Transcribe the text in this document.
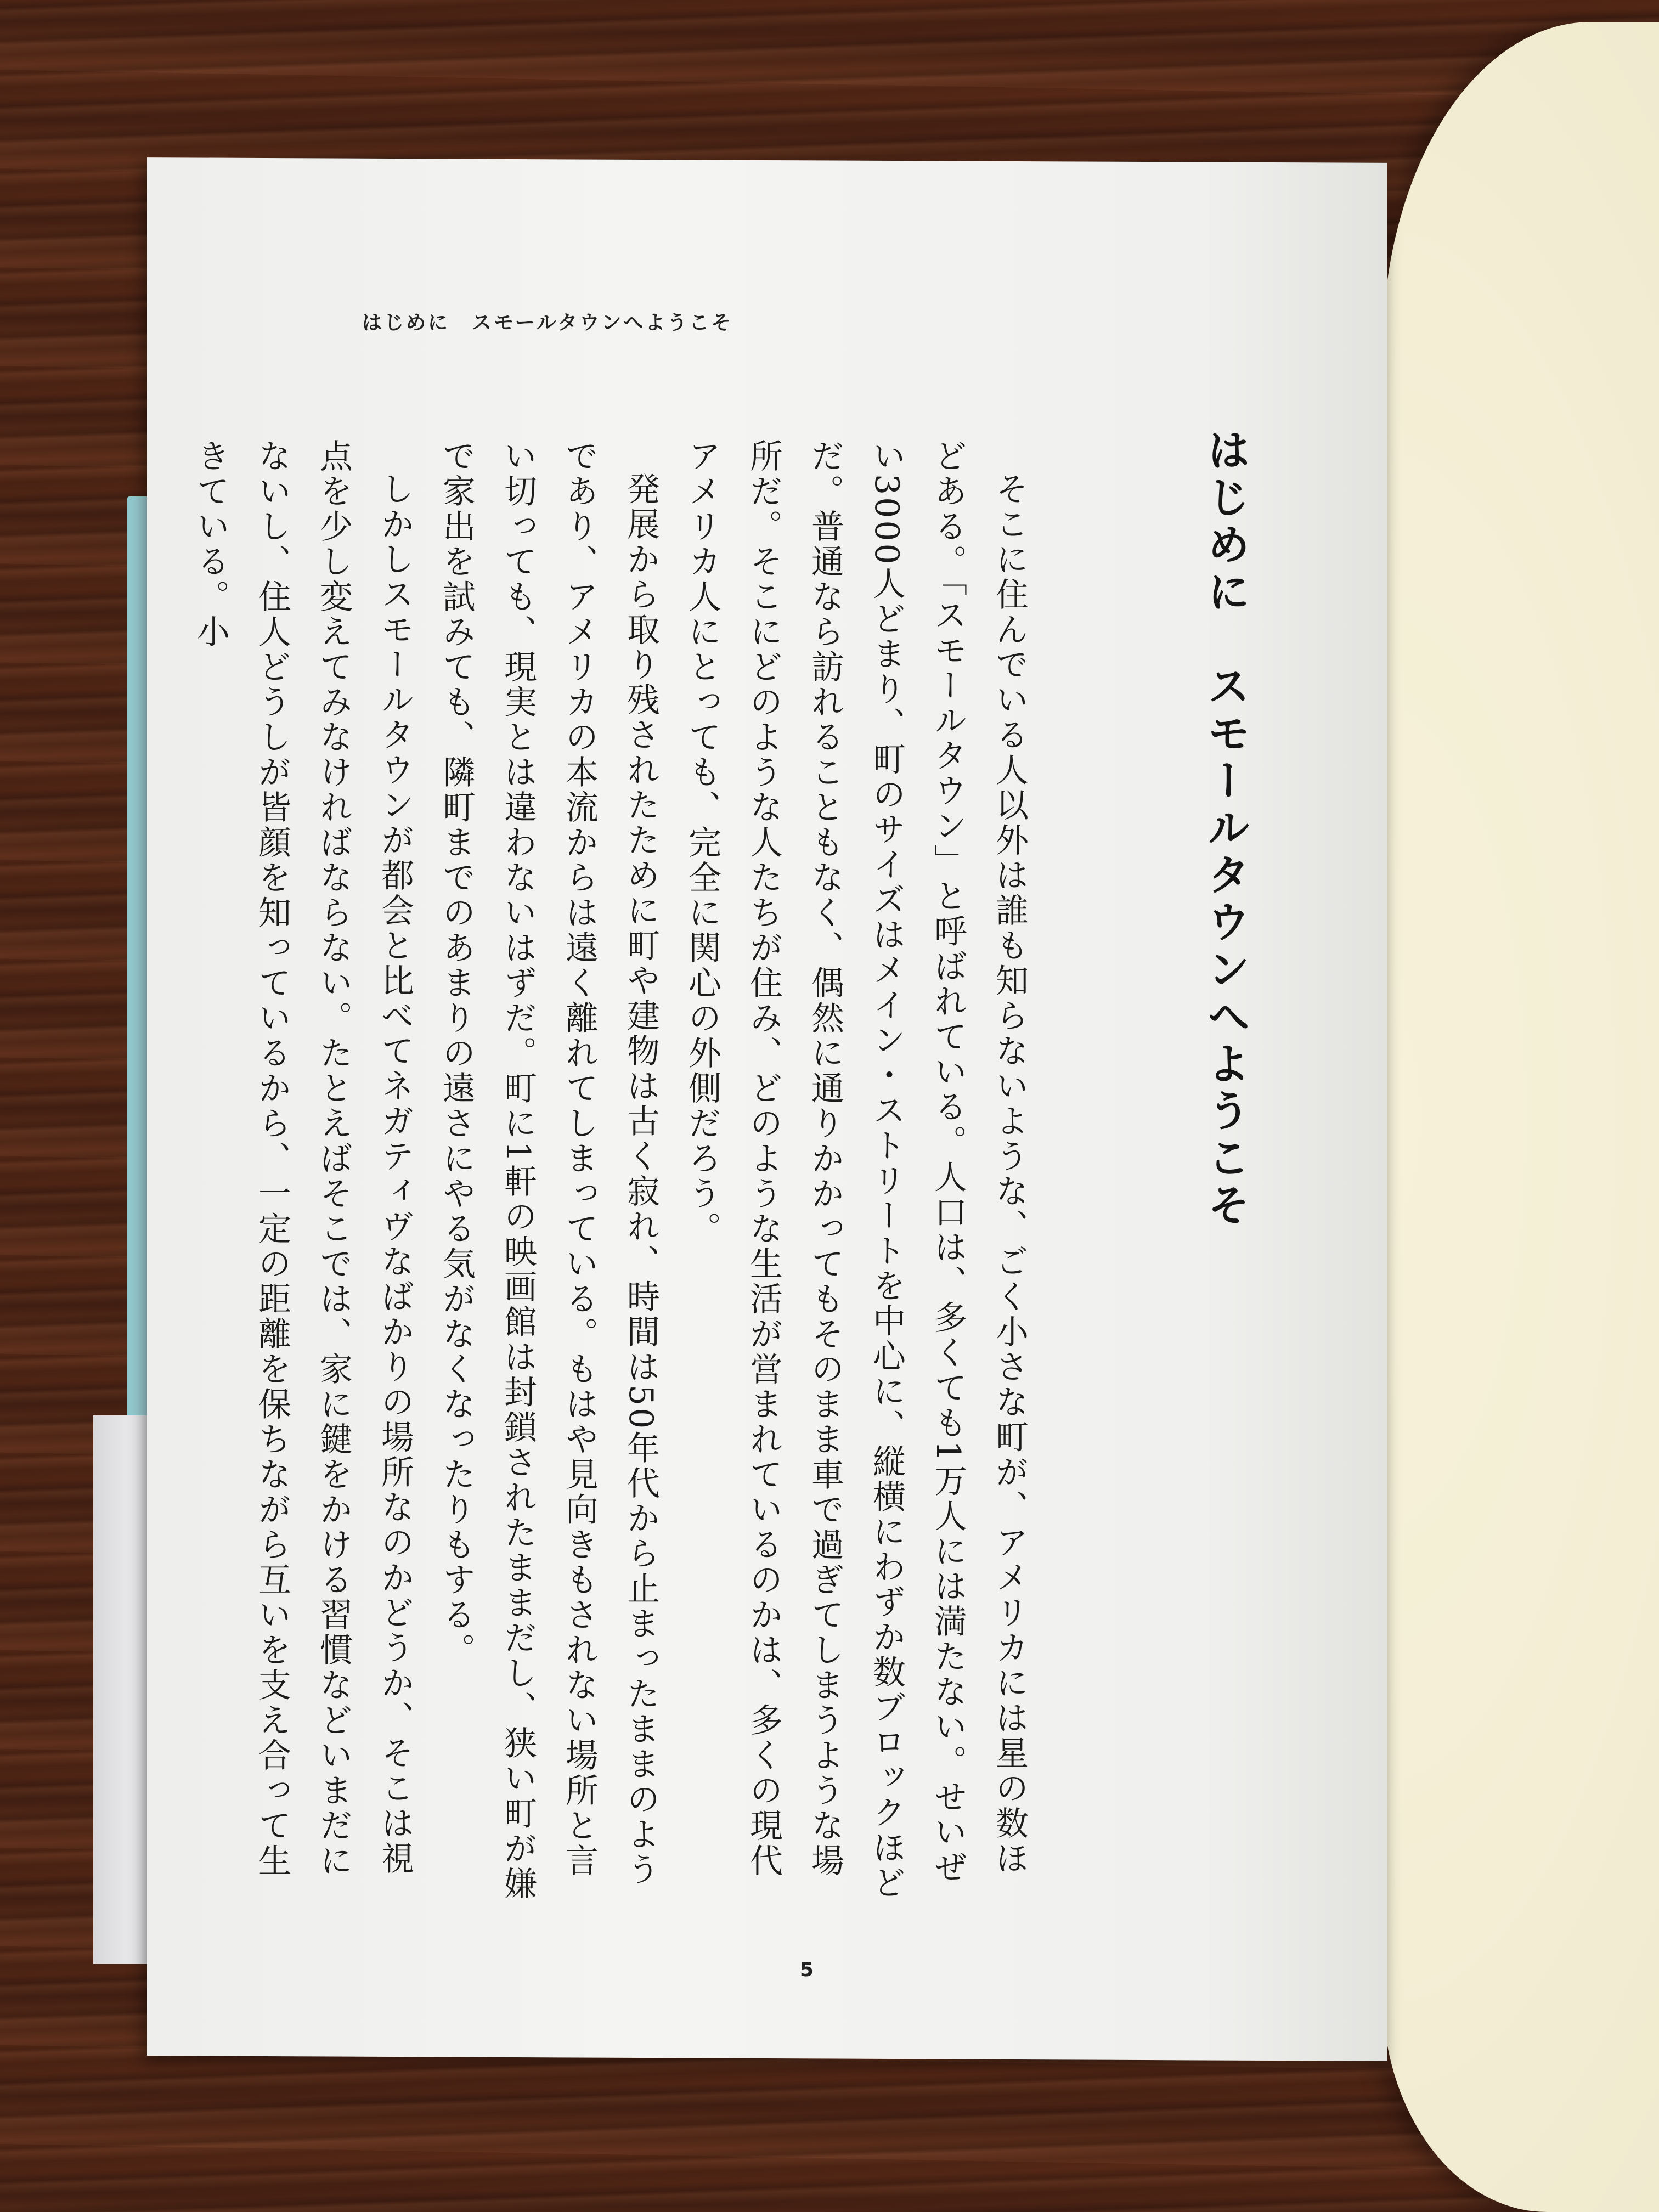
はじめに　スモールタウンへようこそ
はじめに　スモールタウンへようこそ

そこに住んでいる人以外は誰も知らないような、ごく小さな町が、アメリカには星の数ほどある。「スモールタウン」と呼ばれている。人口は、多くても1万人には満たない。せいぜい3000人どまり、町のサイズはメイン・ストリートを中心に、縦横にわずか数ブロックほどだ。普通なら訪れることもなく、偶然に通りかかってもそのまま車で過ぎてしまうような場所だ。そこにどのような人たちが住み、どのような生活が営まれているのかは、多くの現代アメリカ人にとっても、完全に関心の外側だろう。

発展から取り残されたために町や建物は古く寂れ、時間は50年代から止まったままのようであり、アメリカの本流からは遠く離れてしまっている。もはや見向きもされない場所と言い切っても、現実とは違わないはずだ。町に1軒の映画館は封鎖されたままだし、狭い町が嫌で家出を試みても、隣町までのあまりの遠さにやる気がなくなったりもする。

しかしスモールタウンが都会と比べてネガティヴなばかりの場所なのかどうか、そこは視点を少し変えてみなければならない。たとえばそこでは、家に鍵をかける習慣などいまだにないし、住人どうしが皆顔を知っているから、一定の距離を保ちながら互いを支え合って生きている。小

5
